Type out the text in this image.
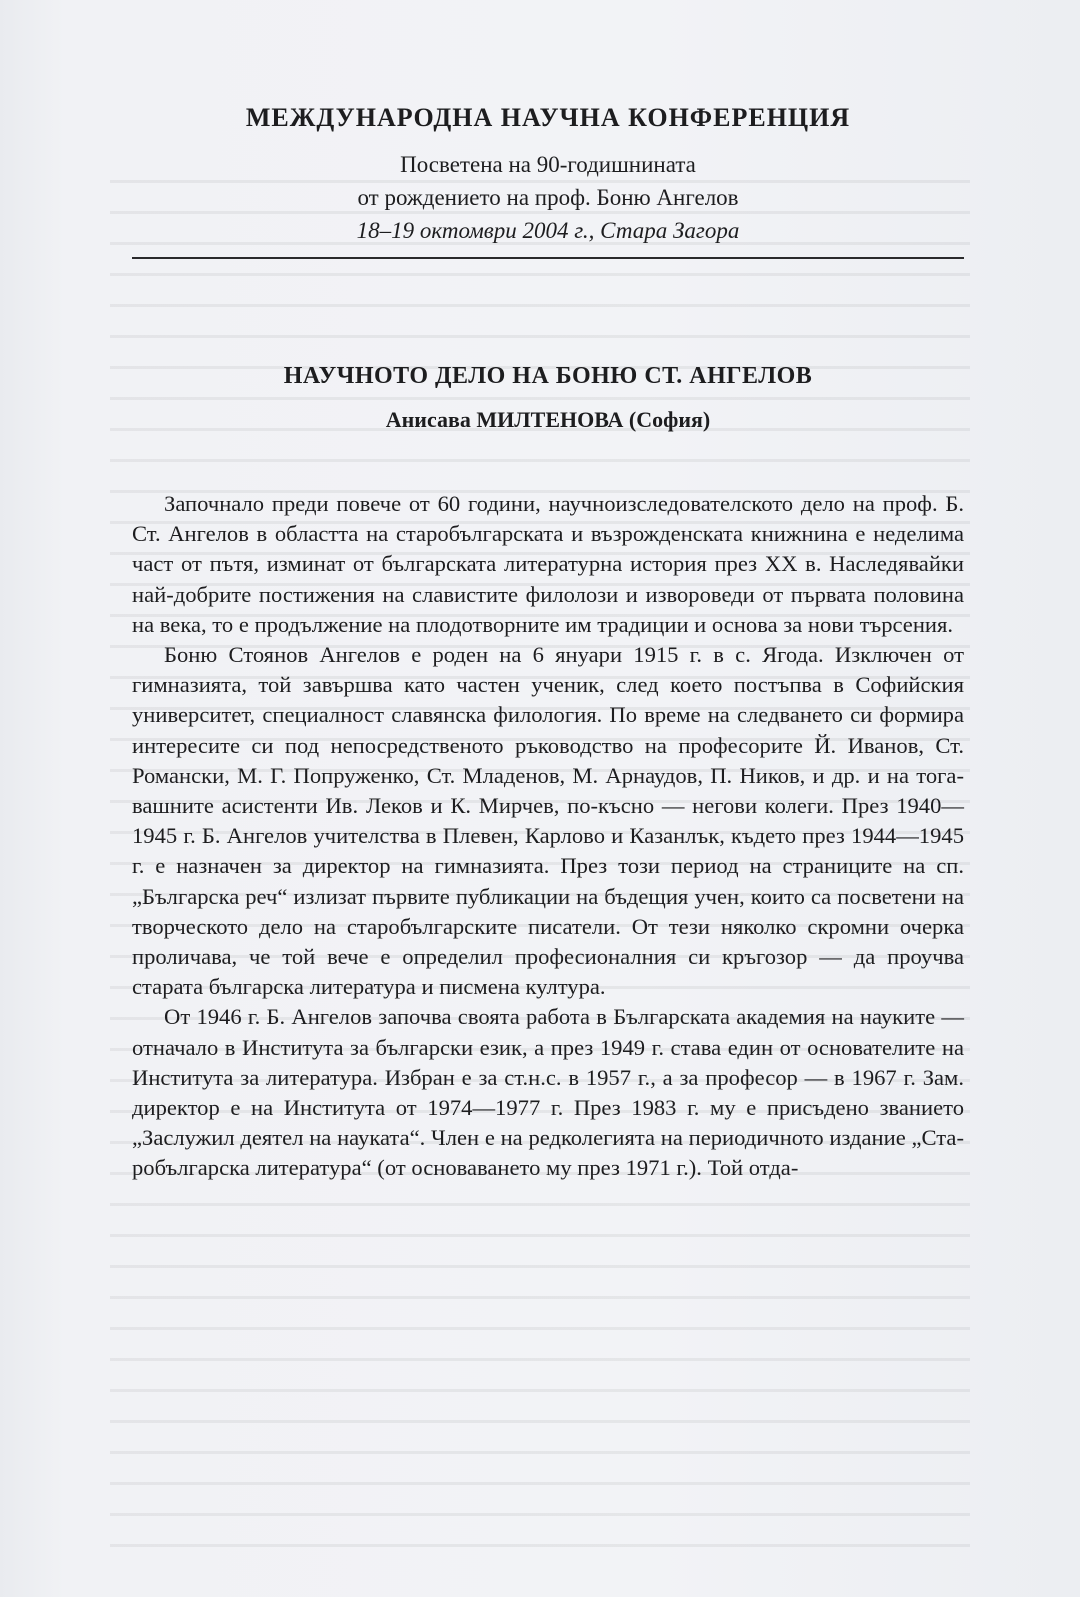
МЕЖДУНАРОДНА НАУЧНА КОНФЕРЕНЦИЯ

Посветена на 90-годишнината

от рождението на проф. Боню Ангелов

18–19 октомври 2004 г., Стара Загора

НАУЧНОТО ДЕЛО НА БОНЮ СТ. АНГЕЛОВ

Анисава МИЛТЕНОВА (София)

Започнало преди повече от 60 години, научноизследователското дело на проф. Б. Ст. Ангелов в областта на старобългарската и възрожденската книжнина е неделима част от пътя, изминат от българската литературна история през XX в. Наследявайки най-добрите постижения на славистите филолози и извороведи от първата половина на века, то е продължение на плодотворните им традиции и основа за нови търсения.

Боню Стоянов Ангелов е роден на 6 януари 1915 г. в с. Ягода. Изключен от гимназията, той завършва като частен ученик, след което постъпва в Софийския университет, специалност славянска филология. По време на следването си формира интересите си под непосредственото ръководство на професорите Й. Иванов, Ст. Романски, М. Г. Попруженко, Ст. Младенов, М. Арнаудов, П. Ников, и др. и на тогавашните асистенти Ив. Леков и К. Мирчев, по-късно — негови колеги. През 1940—1945 г. Б. Ангелов учителства в Плевен, Карлово и Казанлък, където през 1944—1945 г. е назначен за директор на гимназията. През този период на страниците на сп. „Българска реч“ излизат първите публикации на бъдещия учен, които са посветени на творческото дело на старобългарските писатели. От тези няколко скромни очерка проличава, че той вече е определил професионалния си кръгозор — да проучва старата българска литература и писмена култура.

От 1946 г. Б. Ангелов започва своята работа в Българската академия на науките — отначало в Института за български език, а през 1949 г. става един от основателите на Института за литература. Избран е за ст.н.с. в 1957 г., а за професор — в 1967 г. Зам. директор е на Института от 1974—1977 г. През 1983 г. му е присъдено званието „Заслужил деятел на науката“. Член е на редколегията на периодичното издание „Старобългарска литература“ (от основаването му през 1971 г.). Той отда-
